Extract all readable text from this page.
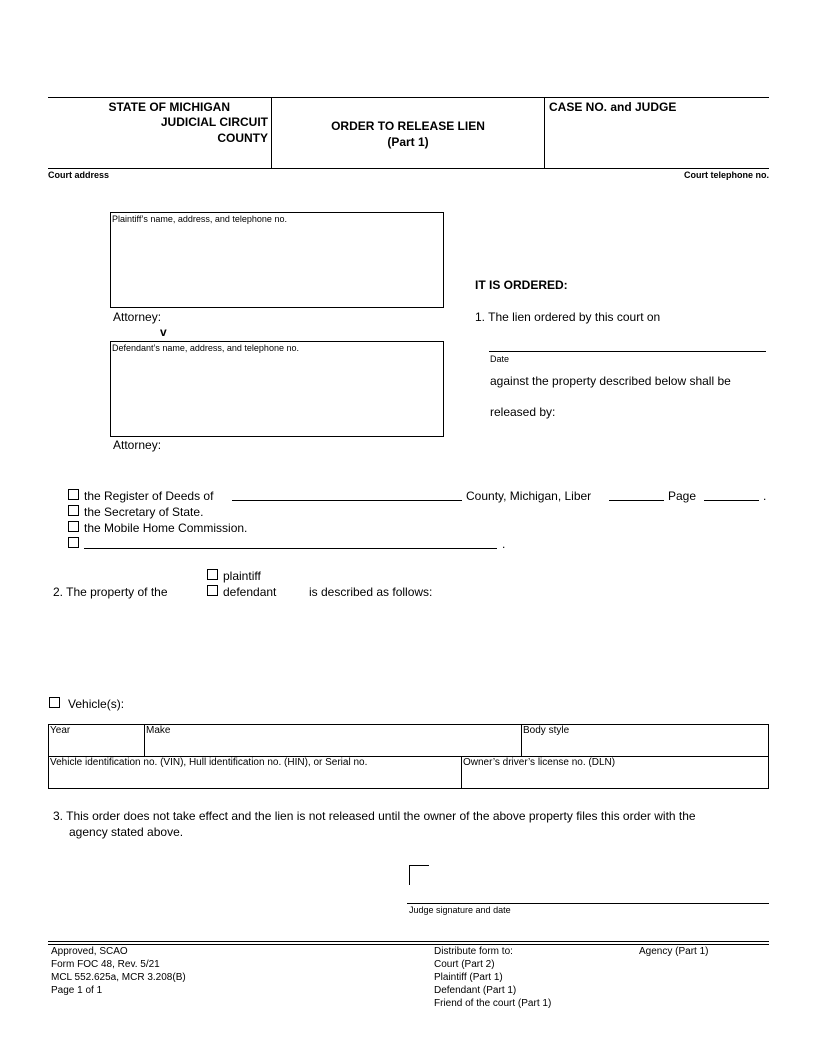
STATE OF MICHIGAN
JUDICIAL CIRCUIT
COUNTY
ORDER TO RELEASE LIEN
(Part 1)
CASE NO. and JUDGE
Court address	Court telephone no.
Plaintiff’s name, address, and telephone no.
Attorney:
v
Defendant’s name, address, and telephone no.
Attorney:
IT IS ORDERED:
1. The lien ordered by this court on
Date
against the property described below shall be
released by:
the Register of Deeds of	County, Michigan, Liber	Page	.
the Secretary of State.
the Mobile Home Commission.
.
plaintiff
2. The property of the	defendant	is described as follows:
Vehicle(s):
Year	Make	Body style
Vehicle identification no. (VIN), Hull identification no. (HIN), or Serial no.	Owner’s driver’s license no. (DLN)
3. This order does not take effect and the lien is not released until the owner of the above property files this order with the
agency stated above.
Judge signature and date
Approved, SCAO
Form FOC 48, Rev. 5/21
MCL 552.625a, MCR 3.208(B)
Page 1 of 1
Distribute form to:
Court (Part 2)
Plaintiff (Part 1)
Defendant (Part 1)
Friend of the court (Part 1)
Agency (Part 1)
